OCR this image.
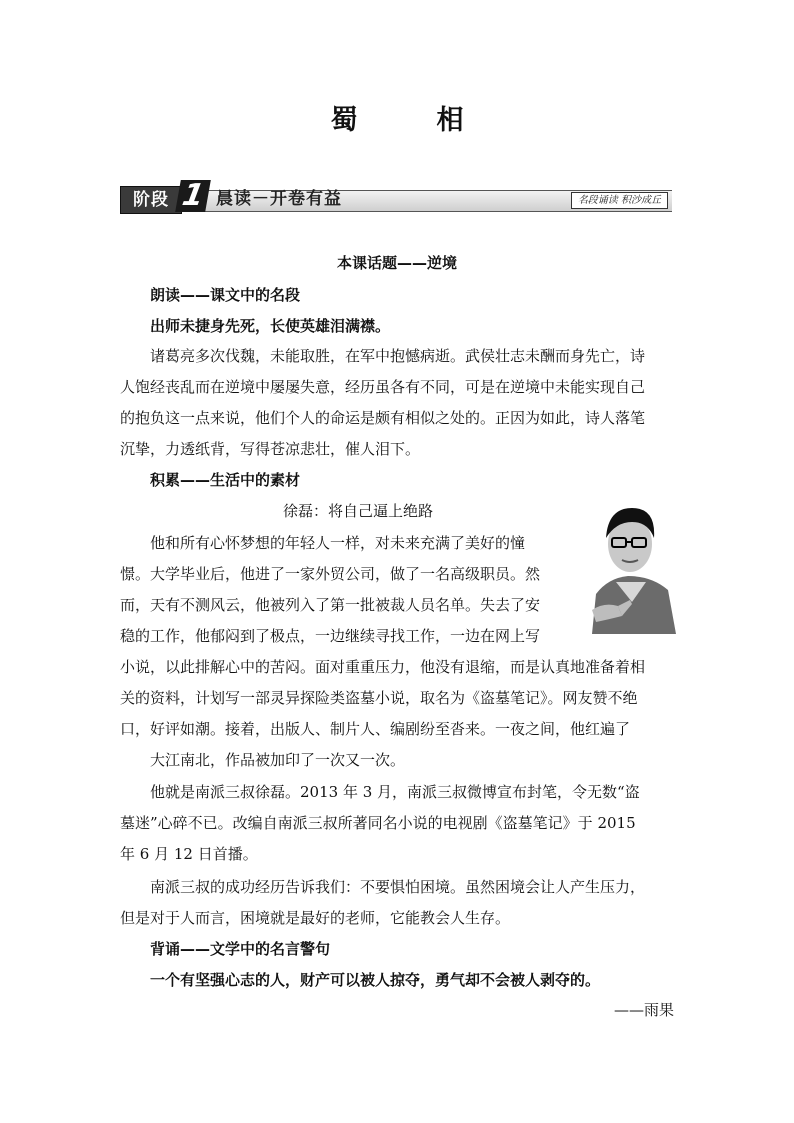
蜀　相
阶段 1 晨读－开卷有益	名段诵读 积沙成丘
本课话题——逆境
朗读——课文中的名段
出师未捷身先死，长使英雄泪满襟。
诸葛亮多次伐魏，未能取胜，在军中抱憾病逝。武侯壮志未酬而身先亡，诗
人饱经丧乱而在逆境中屡屡失意，经历虽各有不同，可是在逆境中未能实现自己
的抱负这一点来说，他们个人的命运是颇有相似之处的。正因为如此，诗人落笔
沉挚，力透纸背，写得苍凉悲壮，催人泪下。
积累——生活中的素材
徐磊：将自己逼上绝路
他和所有心怀梦想的年轻人一样，对未来充满了美好的憧
憬。大学毕业后，他进了一家外贸公司，做了一名高级职员。然
而，天有不测风云，他被列入了第一批被裁人员名单。失去了安
稳的工作，他郁闷到了极点，一边继续寻找工作，一边在网上写
小说，以此排解心中的苦闷。面对重重压力，他没有退缩，而是认真地准备着相
关的资料，计划写一部灵异探险类盗墓小说，取名为《盗墓笔记》。网友赞不绝
口，好评如潮。接着，出版人、制片人、编剧纷至沓来。一夜之间，他红遍了
大江南北，作品被加印了一次又一次。
他就是南派三叔徐磊。2013 年 3 月，南派三叔微博宣布封笔，令无数“盗
墓迷”心碎不已。改编自南派三叔所著同名小说的电视剧《盗墓笔记》于 2015
年 6 月 12 日首播。
南派三叔的成功经历告诉我们：不要惧怕困境。虽然困境会让人产生压力，
但是对于人而言，困境就是最好的老师，它能教会人生存。
背诵——文学中的名言警句
一个有坚强心志的人，财产可以被人掠夺，勇气却不会被人剥夺的。
——雨果
